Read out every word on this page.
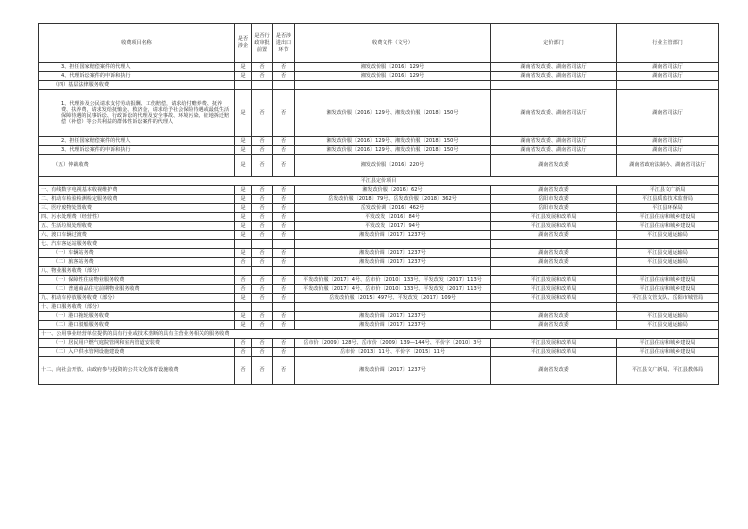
收费项目名称	是否涉企	是否行政审批前置	是否涉进出口环节	收费文件（文号）	定价部门	行业主管部门
3、担任国家赔偿案件的代理人	是	否	否	湘发改价服〔2016〕129号	湖南省发改委、湖南省司法厅	湖南省司法厅
4、代理诉讼案件的申诉和执行	是	否	否	湘发改价服〔2016〕129号	湖南省发改委、湖南省司法厅	湖南省司法厅
（四）基层法律服务收费						
1、代理涉及公民请求支付劳动报酬、工伤赔偿，请求给付赡养费、抚养费、扶养费，请求发给抚恤金、救济金，请求给予社会保险待遇或最低生活保障待遇的民事诉讼、行政诉讼的代理及安全事故、环境污染、征地拆迁赔偿（补偿）等公共利益的群体性诉讼案件的代理人	是	否	否	湘发改价服〔2016〕129号、湘发改价服〔2018〕150号	湖南省发改委、湖南省司法厅	湖南省司法厅
2、担任国家赔偿案件的代理人	是	否	否	湘发改价服〔2016〕129号、湘发改价服〔2018〕150号	湖南省发改委、湖南省司法厅	湖南省司法厅
3、代理诉讼案件的申诉和执行	是	否	否	湘发改价服〔2016〕129号、湘发改价服〔2018〕150号	湖南省发改委、湖南省司法厅	湖南省司法厅
（五）仲裁收费	是	否	否	湘发改价服〔2016〕220号	湖南省发改委	湖南省政府法制办、湖南省司法厅
平江县定价项目						
一、有线数字电视基本收视维护费	是	否	否	湘发改价服〔2016〕62号	湖南省发改委	平江县文广新局
二、机动车检验检测检定服务收费	是	否	否	岳发改价服〔2018〕79号、岳发改价服〔2018〕362号	岳阳市发改委	平江县质监技术监督局
三、医疗废物处置收费	是	否	否	岳发改价调〔2016〕462号	岳阳市发改委	平江县环保局
四、污水处理费（经营性）	是	否	否	平发改发〔2016〕84号	平江县发展和改革局	平江县住房和城乡建设局
五、生活垃圾处理收费	是	否	否	平发改发〔2017〕94号	平江县发展和改革局	平江县住房和城乡建设局
六、渡口车辆过渡费	是	否	否	湘发改价调〔2017〕1237号	湖南省发改委	平江县交通运输局
七、汽车客运站服务收费						
（一）车辆站务费	是	否	否	湘发改价调〔2017〕1237号	湖南省发改委	平江县交通运输局
（二）旅客站务费	否	否	否	湘发改价调〔2017〕1237号	湖南省发改委	平江县交通运输局
八、物业服务收费（部分）						
（一）保障性住房物业服务收费	否	否	否	平发改价服〔2017〕4号、岳市价〔2010〕133号、平发改发〔2017〕113号	平江县发展和改革局	平江县住房和城乡建设局
（二）普通商品住宅前期物业服务收费	否	否	否	平发改价服〔2017〕4号、岳市价〔2010〕133号、平发改发〔2017〕113号	平江县发展和改革局	平江县住房和城乡建设局
九、机动车停放服务收费（部分）	是	否	否	岳发改价服〔2015〕497号、平发改发〔2017〕109号	平江县发展和改革局	平江县文管支队、岳阳市城管局
十、港口服务收费（部分）						
（一）港口拖轮服务收费	是	否	否	湘发改价调〔2017〕1237号	湖南省发改委	平江县交通运输局
（二）港口驳船服务收费	是	否	否	湘发改价调〔2017〕1237号	湖南省发改委	平江县交通运输局
十一、公用事业经营单位提供的具有行业或技术垄断的具有主营业务相关的服务收费						
（一）居民用户燃气庭院管网和室内管道安装费	否	否	否	岳市价〔2009〕128号、岳市价〔2009〕139—144号、平价字〔2010〕3号	平江县发展和改革局	平江县住房和城乡建设局
（二）入户供水管网设施建设费	否	否	否	岳市价〔2013〕11号、平价字〔2015〕11号	平江县发展和改革局	平江县住房和城乡建设局
十二、向社会开放、由政府参与投资的公共文化体育设施收费	否	否	否	湘发改价调〔2017〕1237号	湖南省发改委	平江县文广新局、平江县教体局
